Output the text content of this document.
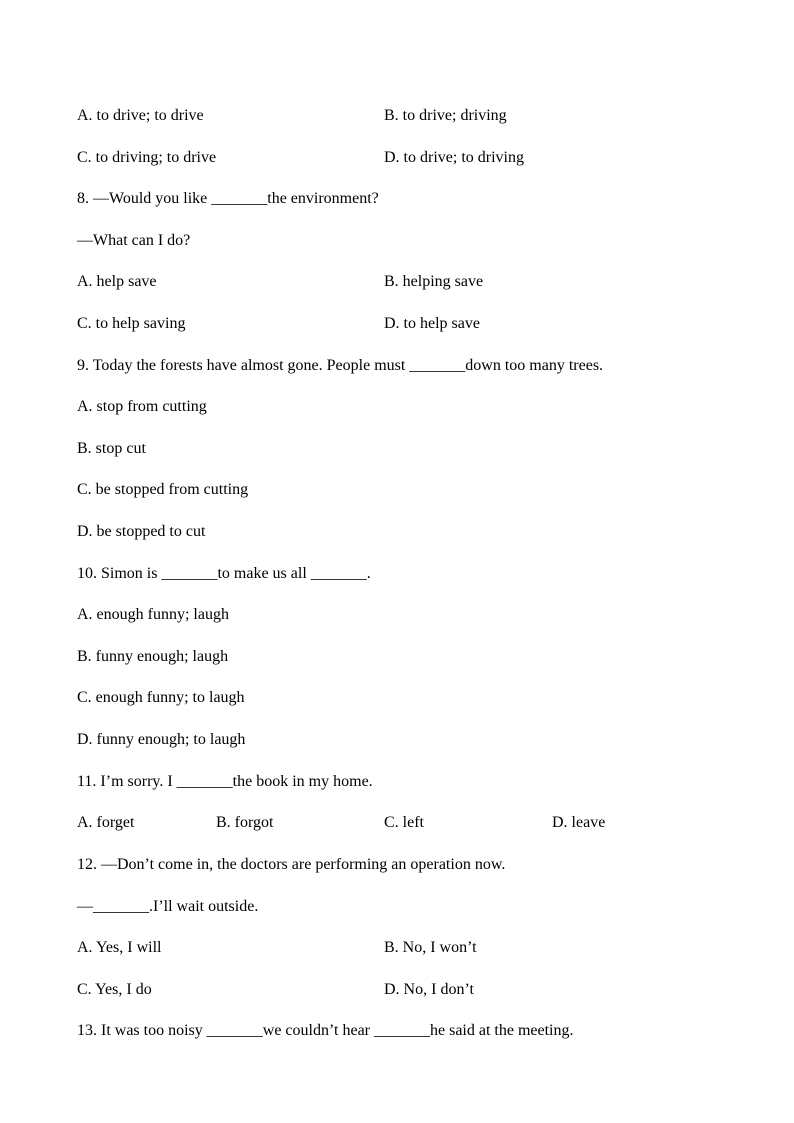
A. to drive; to drive	B. to drive; driving
C. to driving; to drive	D. to drive; to driving
8. —Would you like _______the environment?
—What can I do?
A. help save	B. helping save
C. to help saving	D. to help save
9. Today the forests have almost gone. People must _______down too many trees.
A. stop from cutting
B. stop cut
C. be stopped from cutting
D. be stopped to cut
10. Simon is _______to make us all _______.
A. enough funny; laugh
B. funny enough; laugh
C. enough funny; to laugh
D. funny enough; to laugh
11. I’m sorry. I _______the book in my home.
A. forget	B. forgot	C. left	D. leave
12. —Don’t come in, the doctors are performing an operation now.
—_______.I’ll wait outside.
A. Yes, I will	B. No, I won’t
C. Yes, I do	D. No, I don’t
13. It was too noisy _______we couldn’t hear _______he said at the meeting.
